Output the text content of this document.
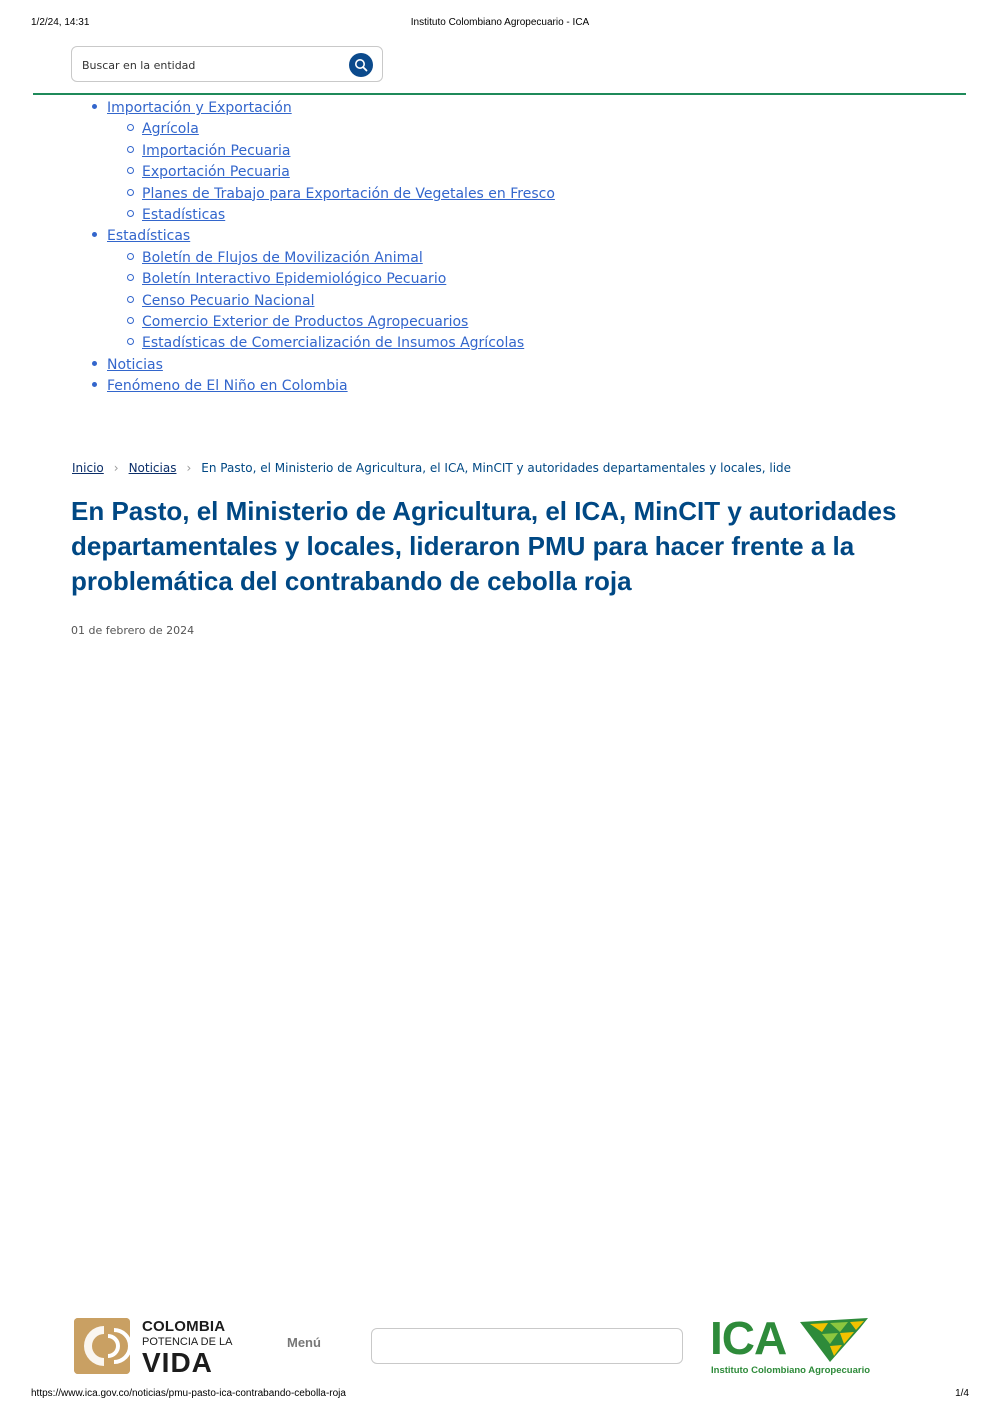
1/2/24, 14:31	Instituto Colombiano Agropecuario - ICA
Buscar en la entidad
Importación y Exportación
Agrícola
Importación Pecuaria
Exportación Pecuaria
Planes de Trabajo para Exportación de Vegetales en Fresco
Estadísticas
Estadísticas
Boletín de Flujos de Movilización Animal
Boletín Interactivo Epidemiológico Pecuario
Censo Pecuario Nacional
Comercio Exterior de Productos Agropecuarios
Estadísticas de Comercialización de Insumos Agrícolas
Noticias
Fenómeno de El Niño en Colombia
Inicio › Noticias › En Pasto, el Ministerio de Agricultura, el ICA, MinCIT y autoridades departamentales y locales, lide
En Pasto, el Ministerio de Agricultura, el ICA, MinCIT y autoridades departamentales y locales, lideraron PMU para hacer frente a la problemática del contrabando de cebolla roja
01 de febrero de 2024
COLOMBIA
POTENCIA DE LA
VIDA
Menú	ICA
Instituto Colombiano Agropecuario
https://www.ica.gov.co/noticias/pmu-pasto-ica-contrabando-cebolla-roja	1/4
